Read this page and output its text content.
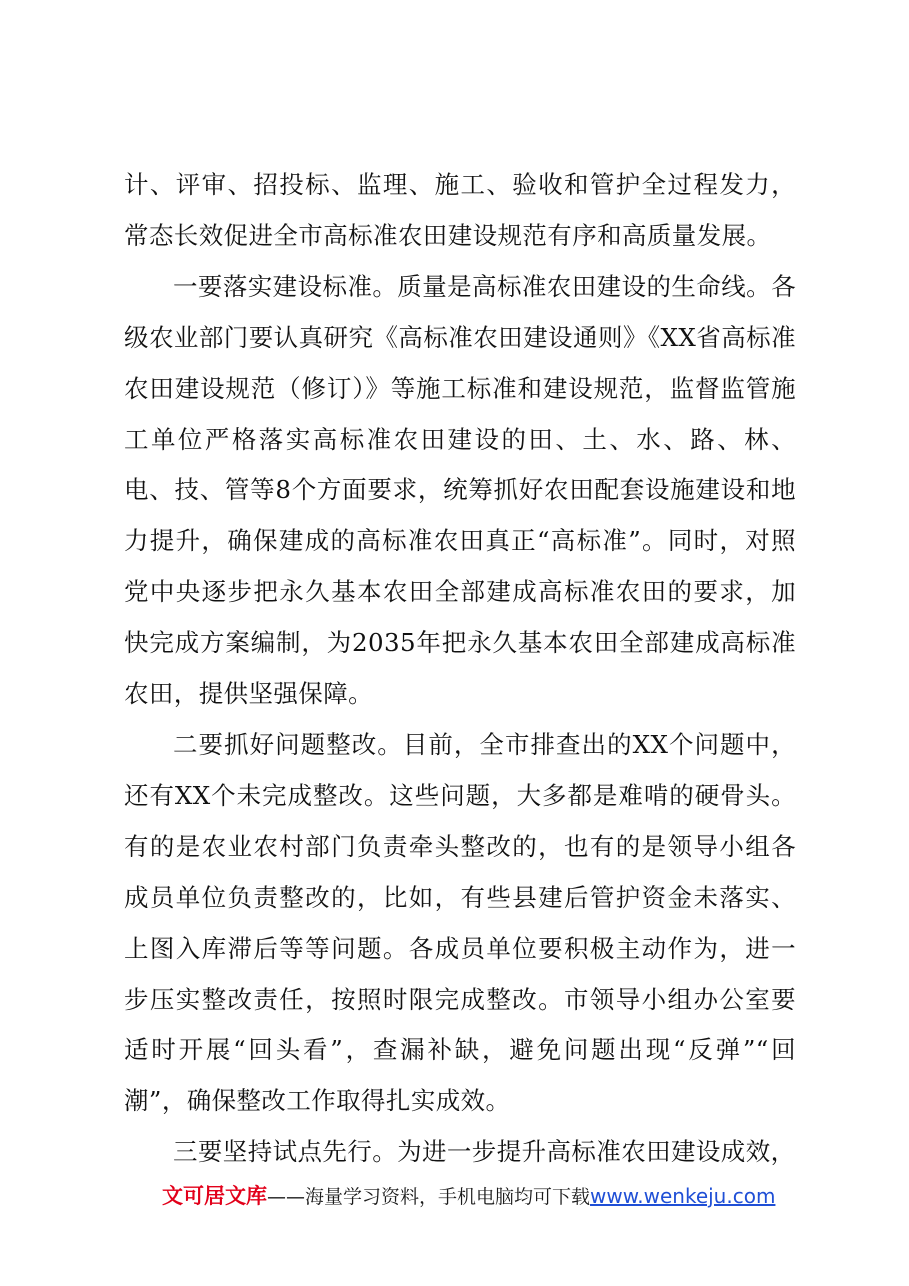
计、评审、招投标、监理、施工、验收和管护全过程发力，常态长效促进全市高标准农田建设规范有序和高质量发展。

一要落实建设标准。质量是高标准农田建设的生命线。各级农业部门要认真研究《高标准农田建设通则》《XX省高标准农田建设规范（修订）》等施工标准和建设规范，监督监管施工单位严格落实高标准农田建设的田、土、水、路、林、电、技、管等8个方面要求，统筹抓好农田配套设施建设和地力提升，确保建成的高标准农田真正“高标准”。同时，对照党中央逐步把永久基本农田全部建成高标准农田的要求，加快完成方案编制，为2035年把永久基本农田全部建成高标准农田，提供坚强保障。

二要抓好问题整改。目前，全市排查出的XX个问题中，还有XX个未完成整改。这些问题，大多都是难啃的硬骨头。有的是农业农村部门负责牵头整改的，也有的是领导小组各成员单位负责整改的，比如，有些县建后管护资金未落实、上图入库滞后等等问题。各成员单位要积极主动作为，进一步压实整改责任，按照时限完成整改。市领导小组办公室要适时开展“回头看”，查漏补缺，避免问题出现“反弹”“回潮”，确保整改工作取得扎实成效。

三要坚持试点先行。为进一步提升高标准农田建设成效，

文可居文库——海量学习资料，手机电脑均可下载www.wenkeju.com
